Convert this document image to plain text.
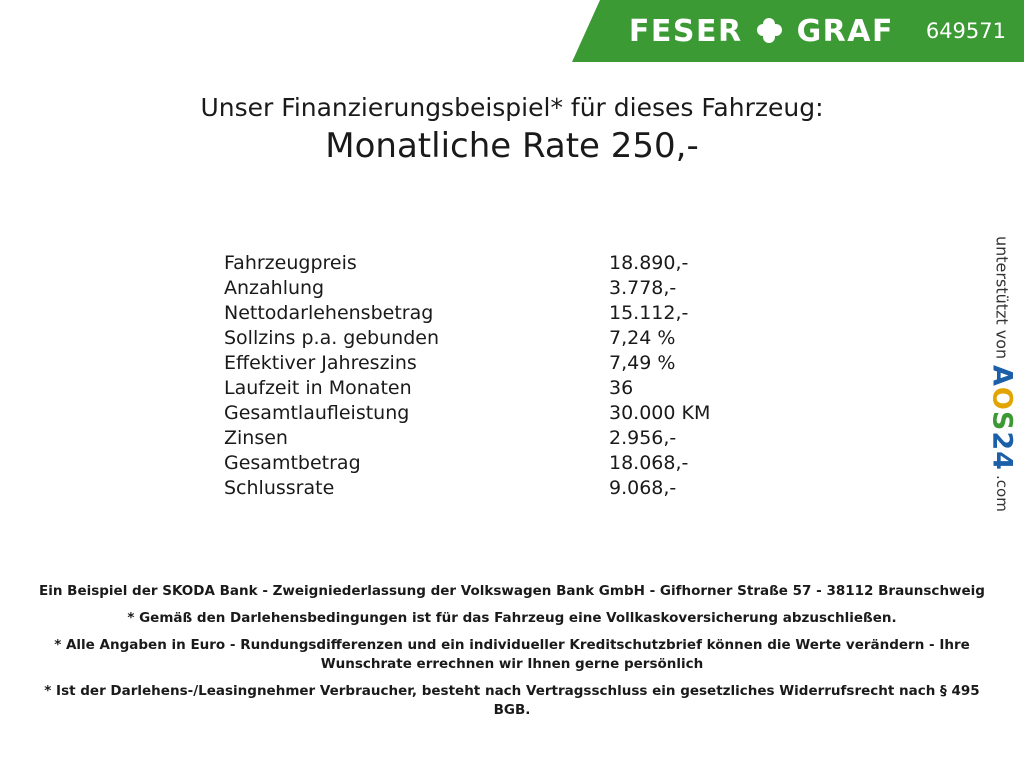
FESER GRAF 649571
Unser Finanzierungsbeispiel* für dieses Fahrzeug:
Monatliche Rate 250,-
Fahrzeugpreis	18.890,-
Anzahlung	3.778,-
Nettodarlehensbetrag	15.112,-
Sollzins p.a. gebunden	7,24 %
Effektiver Jahreszins	7,49 %
Laufzeit in Monaten	36
Gesamtlaufleistung	30.000 KM
Zinsen	2.956,-
Gesamtbetrag	18.068,-
Schlussrate	9.068,-
unterstützt von
AOS24
.com

Ein Beispiel der SKODA Bank - Zweigniederlassung der Volkswagen Bank GmbH - Gifhorner Straße 57 - 38112 Braunschweig

* Gemäß den Darlehensbedingungen ist für das Fahrzeug eine Vollkaskoversicherung abzuschließen.

* Alle Angaben in Euro - Rundungsdifferenzen und ein individueller Kreditschutzbrief können die Werte verändern - Ihre Wunschrate errechnen wir Ihnen gerne persönlich

* Ist der Darlehens-/Leasingnehmer Verbraucher, besteht nach Vertragsschluss ein gesetzliches Widerrufsrecht nach § 495 BGB.
